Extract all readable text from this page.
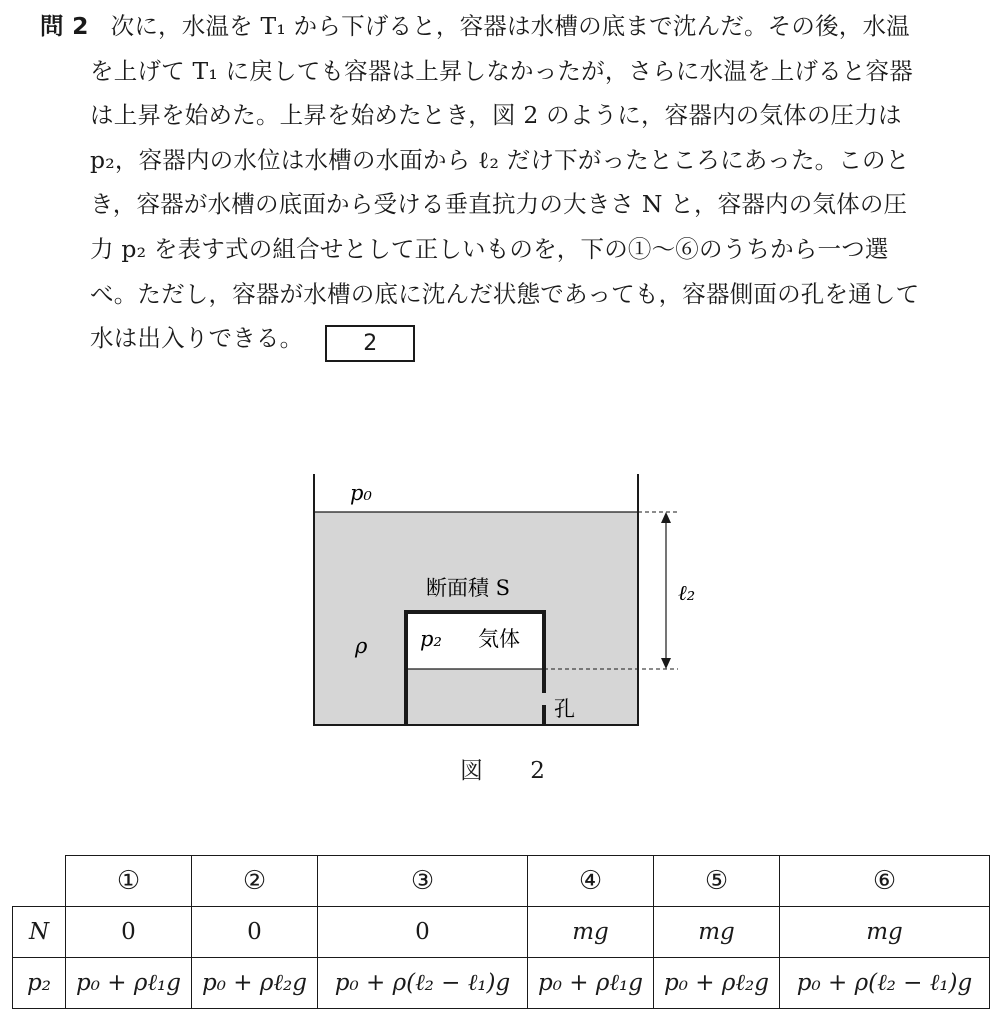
問 2 次に，水温を T₁ から下げると，容器は水槽の底まで沈んだ。その後，水温
を上げて T₁ に戻しても容器は上昇しなかったが，さらに水温を上げると容器
は上昇を始めた。上昇を始めたとき，図 2 のように，容器内の気体の圧力は
p₂，容器内の水位は水槽の水面から ℓ₂ だけ下がったところにあった。このと
き，容器が水槽の底面から受ける垂直抗力の大きさ N と，容器内の気体の圧
力 p₂ を表す式の組合せとして正しいものを，下の①～⑥のうちから一つ選
べ。ただし，容器が水槽の底に沈んだ状態であっても，容器側面の孔を通して
水は出入りできる。	2
p₀
断面積 S
ρ	p₂ 気体
孔
ℓ₂
図 2
	①	②	③	④	⑤	⑥
N	0	0	0	mg	mg	mg
p₂	p₀ + ρℓ₁g	p₀ + ρℓ₂g	p₀ + ρ(ℓ₂ − ℓ₁)g	p₀ + ρℓ₁g	p₀ + ρℓ₂g	p₀ + ρ(ℓ₂ − ℓ₁)g
